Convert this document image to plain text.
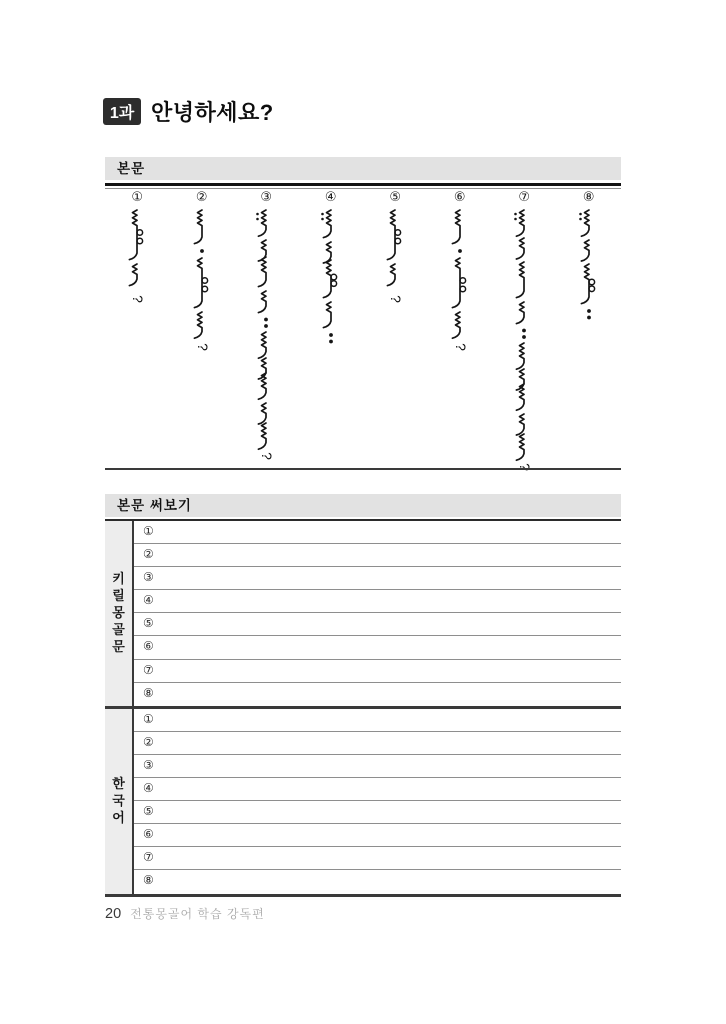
1과 안녕하세요?
본문
①
?
②
?
③
?
④	⑤
?
⑥
?
⑦
?
⑧
본문 써보기
키
릴
몽
골
문
①
②
③
④
⑤
⑥
⑦
⑧
한
국
어
①
②
③
④
⑤
⑥
⑦
⑧
20 전통몽골어 학습 강독편
